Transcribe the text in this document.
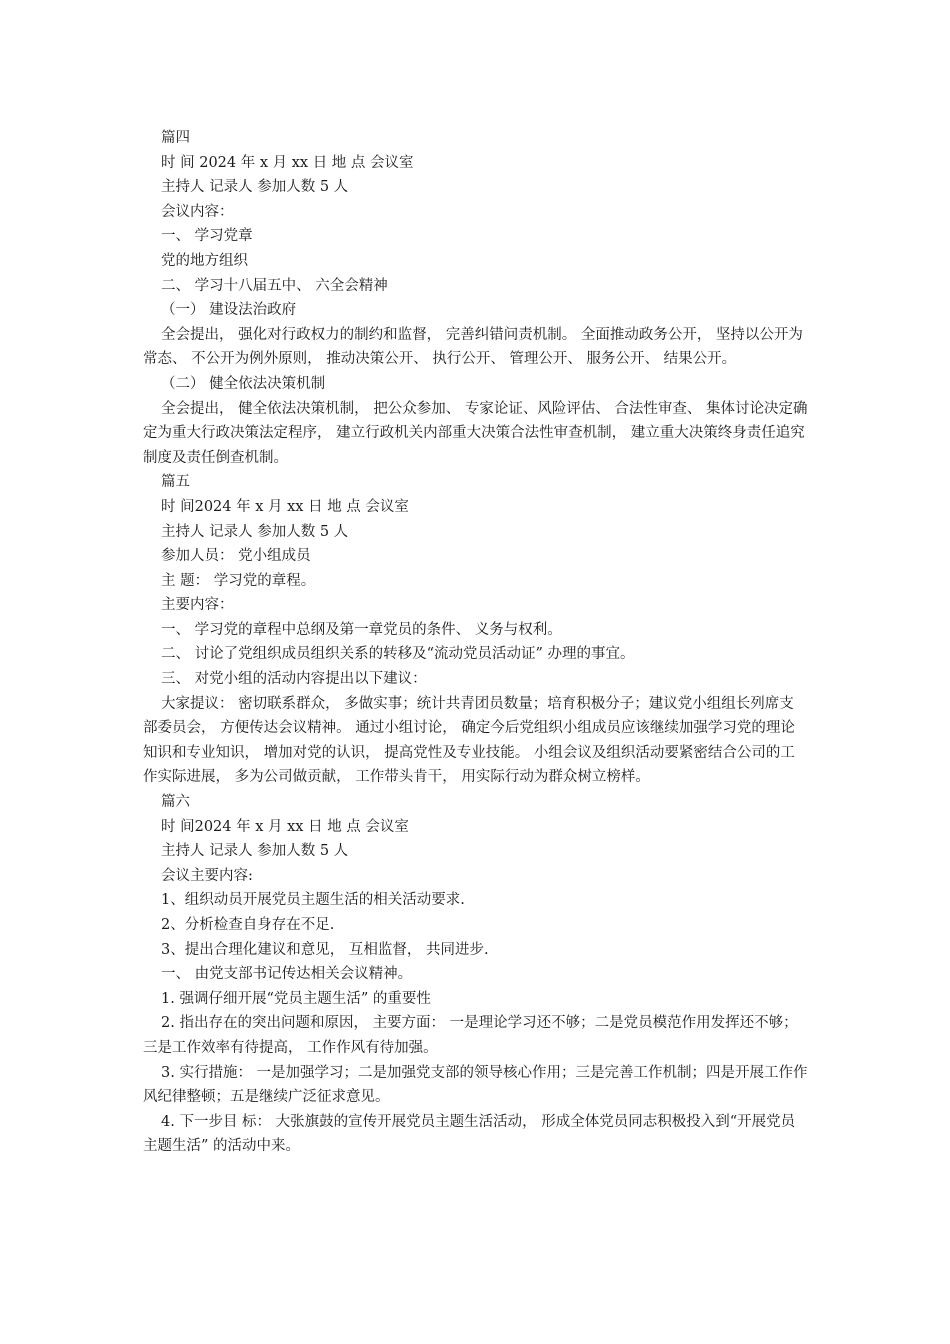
篇四

时 间 2024 年 x 月 xx 日 地 点 会议室

主持人 记录人 参加人数 5 人

会议内容：

一、 学习党章

党的地方组织

二、 学习十八届五中、 六全会精神

（一） 建设法治政府

全会提出， 强化对行政权力的制约和监督， 完善纠错问责机制。 全面推动政务公开， 坚持以公开为常态、 不公开为例外原则， 推动决策公开、 执行公开、 管理公开、 服务公开、 结果公开。

（二） 健全依法决策机制

全会提出， 健全依法决策机制， 把公众参加、 专家论证、风险评估、 合法性审查、 集体讨论决定确定为重大行政决策法定程序， 建立行政机关内部重大决策合法性审查机制， 建立重大决策终身责任追究制度及责任倒查机制。

篇五

时 间2024 年 x 月 xx 日 地 点 会议室

主持人 记录人 参加人数 5 人

参加人员： 党小组成员

主 题： 学习党的章程。

主要内容：

一、 学习党的章程中总纲及第一章党员的条件、 义务与权利。

二、 讨论了党组织成员组织关系的转移及“流动党员活动证” 办理的事宜。

三、 对党小组的活动内容提出以下建议：

大家提议： 密切联系群众， 多做实事；统计共青团员数量；培育积极分子；建议党小组组长列席支部委员会， 方便传达会议精神。 通过小组讨论， 确定今后党组织小组成员应该继续加强学习党的理论知识和专业知识， 增加对党的认识， 提高党性及专业技能。 小组会议及组织活动要紧密结合公司的工作实际进展， 多为公司做贡献， 工作带头肯干， 用实际行动为群众树立榜样。

篇六

时 间2024 年 x 月 xx 日 地 点 会议室

主持人 记录人 参加人数 5 人

会议主要内容:

1、组织动员开展党员主题生活的相关活动要求.

2、分析检查自身存在不足.

3、提出合理化建议和意见， 互相监督， 共同进步.

一、 由党支部书记传达相关会议精神。

1. 强调仔细开展“党员主题生活” 的重要性

2. 指出存在的突出问题和原因， 主要方面： 一是理论学习还不够；二是党员模范作用发挥还不够；三是工作效率有待提高， 工作作风有待加强。

3. 实行措施： 一是加强学习；二是加强党支部的领导核心作用；三是完善工作机制；四是开展工作作风纪律整顿；五是继续广泛征求意见。

4. 下一步目 标： 大张旗鼓的宣传开展党员主题生活活动， 形成全体党员同志积极投入到“开展党员主题生活” 的活动中来。
